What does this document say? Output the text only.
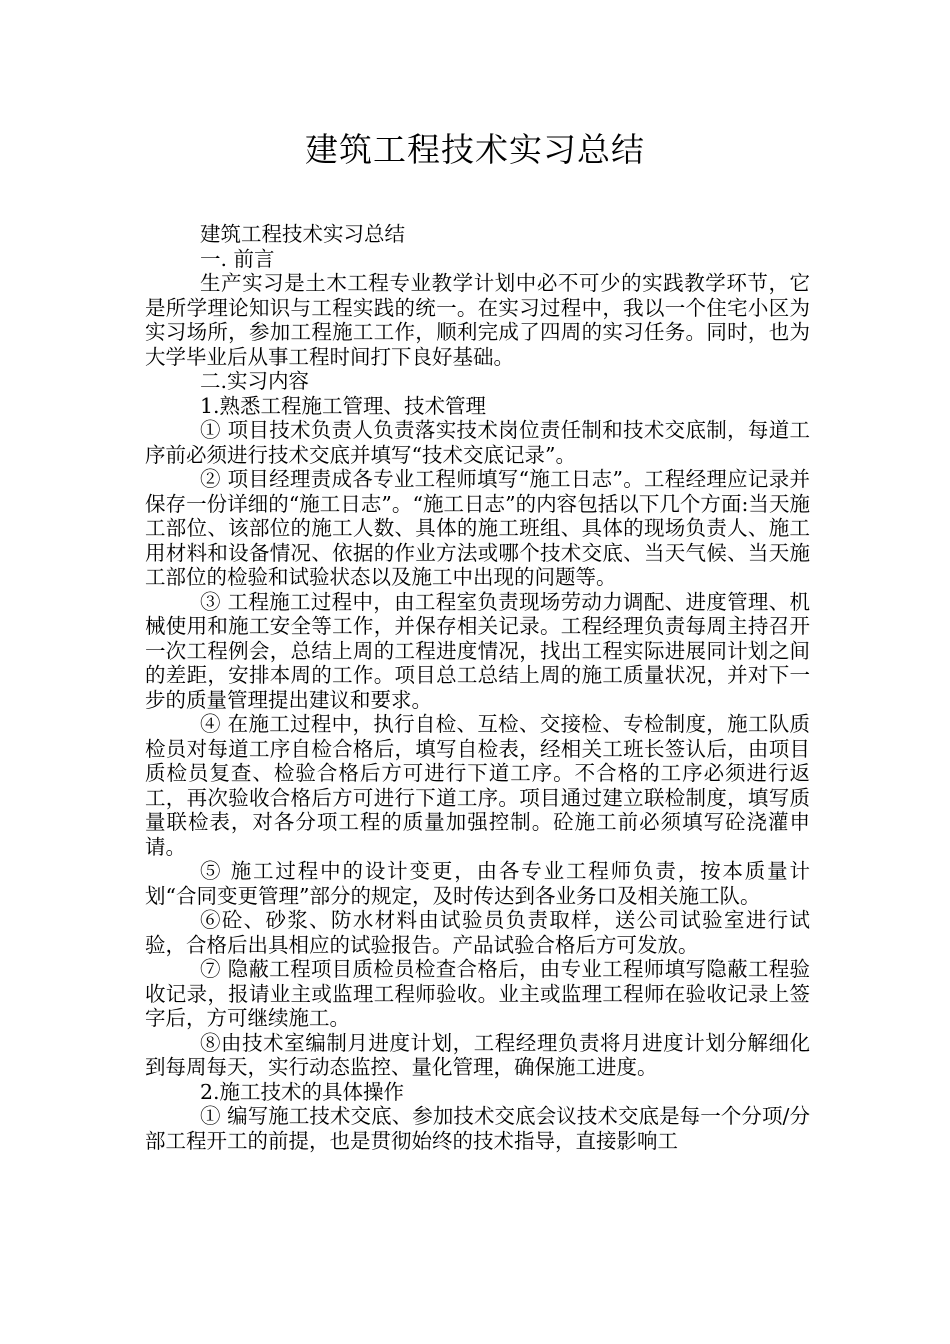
建筑工程技术实习总结

建筑工程技术实习总结

一. 前言

生产实习是土木工程专业教学计划中必不可少的实践教学环节，它是所学理论知识与工程实践的统一。在实习过程中，我以一个住宅小区为实习场所，参加工程施工工作，顺利完成了四周的实习任务。同时，也为大学毕业后从事工程时间打下良好基础。

二.实习内容

1.熟悉工程施工管理、技术管理

① 项目技术负责人负责落实技术岗位责任制和技术交底制，每道工序前必须进行技术交底并填写“技术交底记录”。

② 项目经理责成各专业工程师填写“施工日志”。工程经理应记录并保存一份详细的“施工日志”。“施工日志”的内容包括以下几个方面:当天施工部位、该部位的施工人数、具体的施工班组、具体的现场负责人、施工用材料和设备情况、依据的作业方法或哪个技术交底、当天气候、当天施工部位的检验和试验状态以及施工中出现的问题等。

③ 工程施工过程中，由工程室负责现场劳动力调配、进度管理、机械使用和施工安全等工作，并保存相关记录。工程经理负责每周主持召开一次工程例会，总结上周的工程进度情况，找出工程实际进展同计划之间的差距，安排本周的工作。项目总工总结上周的施工质量状况，并对下一步的质量管理提出建议和要求。

④ 在施工过程中，执行自检、互检、交接检、专检制度，施工队质检员对每道工序自检合格后，填写自检表，经相关工班长签认后，由项目质检员复查、检验合格后方可进行下道工序。不合格的工序必须进行返工，再次验收合格后方可进行下道工序。项目通过建立联检制度，填写质量联检表，对各分项工程的质量加强控制。砼施工前必须填写砼浇灌申请。

⑤ 施工过程中的设计变更，由各专业工程师负责，按本质量计划“合同变更管理”部分的规定，及时传达到各业务口及相关施工队。

⑥砼、砂浆、防水材料由试验员负责取样，送公司试验室进行试验，合格后出具相应的试验报告。产品试验合格后方可发放。

⑦ 隐蔽工程项目质检员检查合格后，由专业工程师填写隐蔽工程验收记录，报请业主或监理工程师验收。业主或监理工程师在验收记录上签字后，方可继续施工。

⑧由技术室编制月进度计划，工程经理负责将月进度计划分解细化到每周每天，实行动态监控、量化管理，确保施工进度。

2.施工技术的具体操作

① 编写施工技术交底、参加技术交底会议技术交底是每一个分项/分部工程开工的前提，也是贯彻始终的技术指导，直接影响工
